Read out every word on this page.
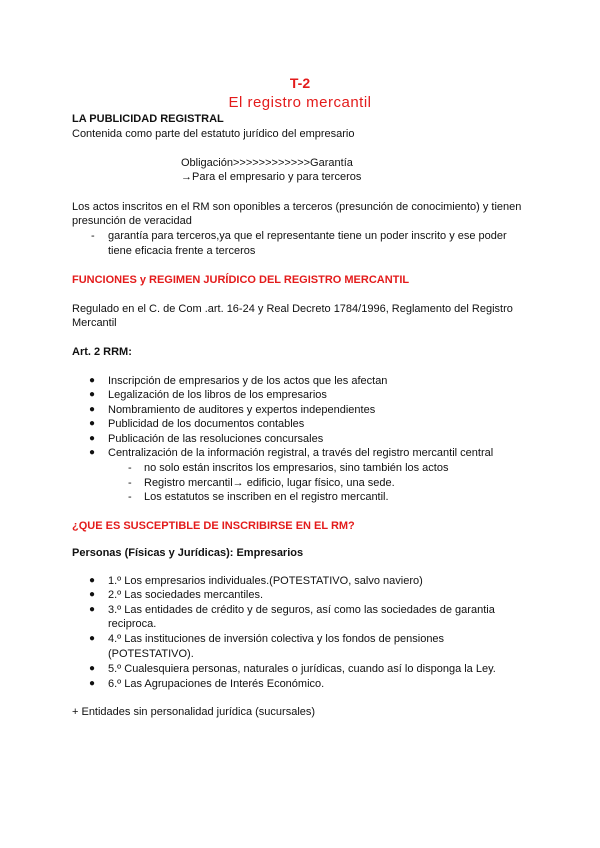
T-2
El registro mercantil
LA PUBLICIDAD REGISTRAL
Contenida como parte del estatuto jurídico del empresario
Obligación>>>>>>>>>>>>Garantía
→Para el empresario y para terceros
Los actos inscritos en el RM son oponibles a terceros (presunción de conocimiento) y tienen
presunción de veracidad
- garantía para terceros,ya que el representante tiene un poder inscrito y ese poder
tiene eficacia frente a terceros
FUNCIONES y REGIMEN JURÍDICO DEL REGISTRO MERCANTIL
Regulado en el C. de Com .art. 16-24 y Real Decreto 1784/1996, Reglamento del Registro
Mercantil
Art. 2 RRM:
● Inscripción de empresarios y de los actos que les afectan
● Legalización de los libros de los empresarios
● Nombramiento de auditores y expertos independientes
● Publicidad de los documentos contables
● Publicación de las resoluciones concursales
● Centralización de la información registral, a través del registro mercantil central
- no solo están inscritos los empresarios, sino también los actos
- Registro mercantil→ edificio, lugar físico, una sede.
- Los estatutos se inscriben en el registro mercantil.
¿QUE ES SUSCEPTIBLE DE INSCRIBIRSE EN EL RM?
Personas (Físicas y Jurídicas): Empresarios
● 1.º Los empresarios individuales.(POTESTATIVO, salvo naviero)
● 2.º Las sociedades mercantiles.
● 3.º Las entidades de crédito y de seguros, así como las sociedades de garantia
reciproca.
● 4.º Las instituciones de inversión colectiva y los fondos de pensiones
(POTESTATIVO).
● 5.º Cualesquiera personas, naturales o jurídicas, cuando así lo disponga la Ley.
● 6.º Las Agrupaciones de Interés Económico.
+ Entidades sin personalidad jurídica (sucursales)
